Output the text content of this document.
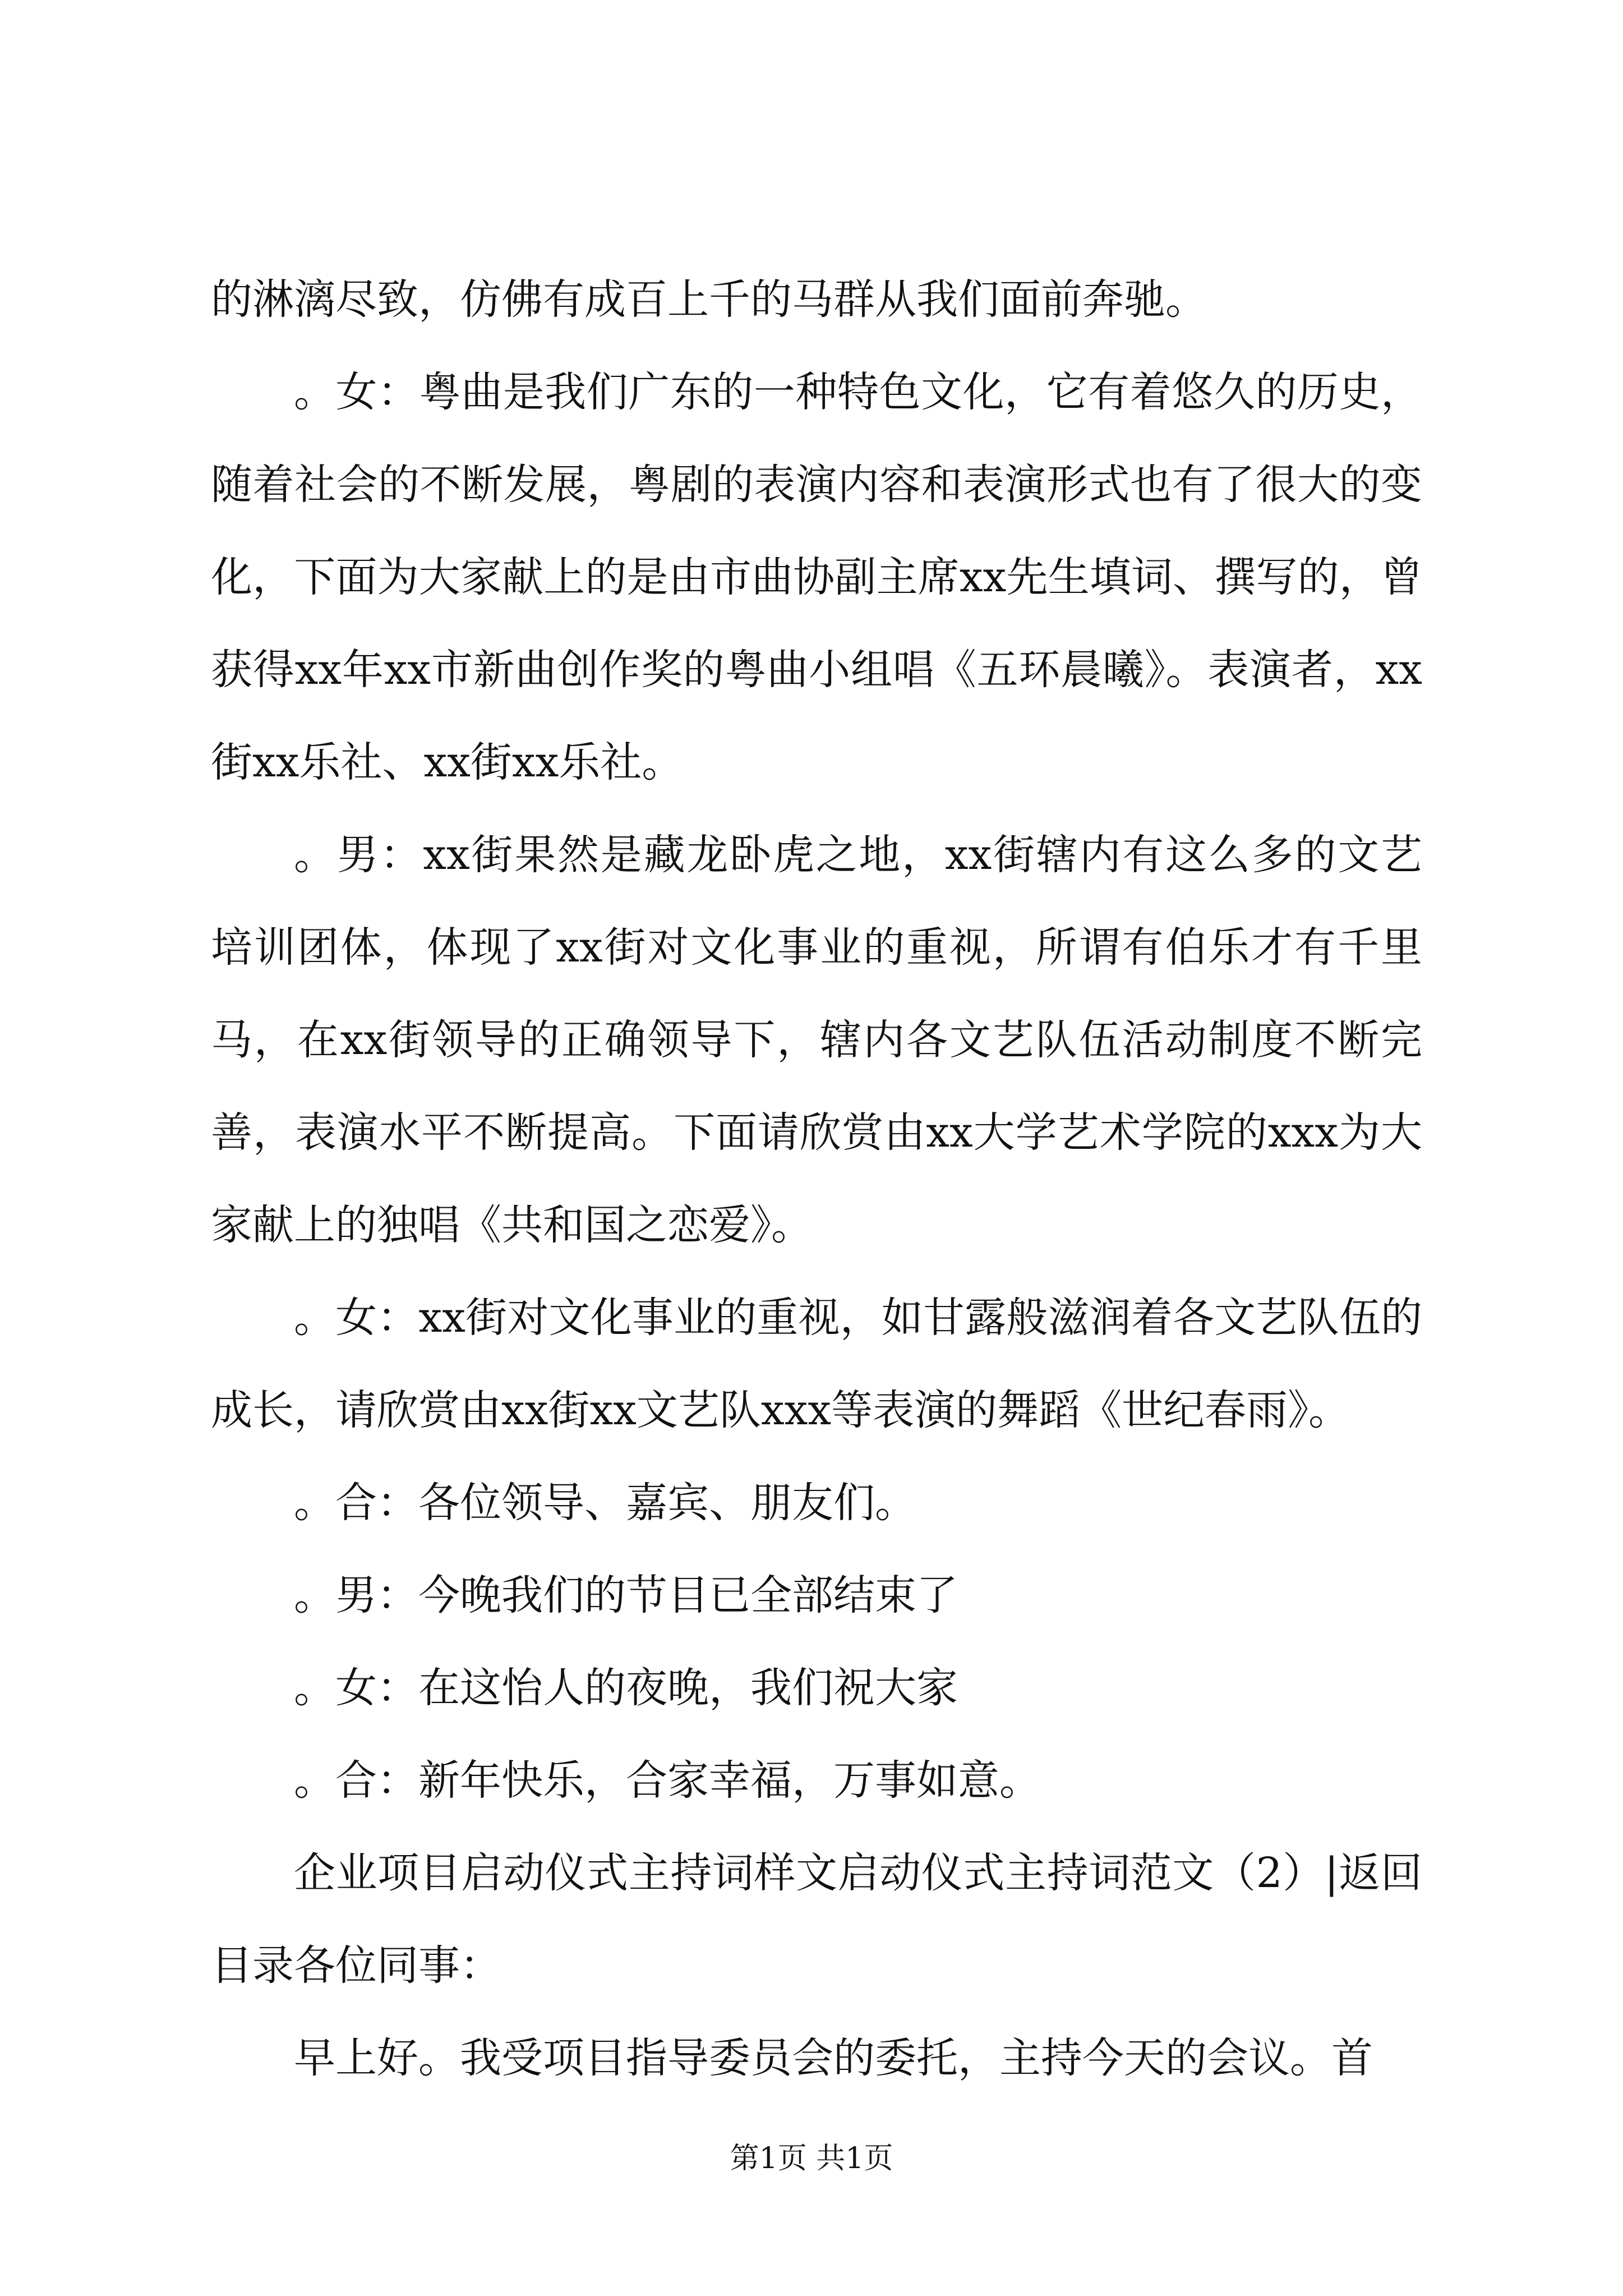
的淋漓尽致，仿佛有成百上千的马群从我们面前奔驰。

。女：粤曲是我们广东的一种特色文化，它有着悠久的历史，随着社会的不断发展，粤剧的表演内容和表演形式也有了很大的变化，下面为大家献上的是由市曲协副主席xx先生填词、撰写的，曾获得xx年xx市新曲创作奖的粤曲小组唱《五环晨曦》。表演者，xx街xx乐社、xx街xx乐社。

。男：xx街果然是藏龙卧虎之地，xx街辖内有这么多的文艺培训团体，体现了xx街对文化事业的重视，所谓有伯乐才有千里马，在xx街领导的正确领导下，辖内各文艺队伍活动制度不断完善，表演水平不断提高。下面请欣赏由xx大学艺术学院的xxx为大家献上的独唱《共和国之恋爱》。

。女：xx街对文化事业的重视，如甘露般滋润着各文艺队伍的成长，请欣赏由xx街xx文艺队xxx等表演的舞蹈《世纪春雨》。

。合：各位领导、嘉宾、朋友们。

。男：今晚我们的节目已全部结束了

。女：在这怡人的夜晚，我们祝大家

。合：新年快乐，合家幸福，万事如意。

企业项目启动仪式主持词样文启动仪式主持词范文（2）|返回目录各位同事：

早上好。我受项目指导委员会的委托，主持今天的会议。首

第1页 共1页
